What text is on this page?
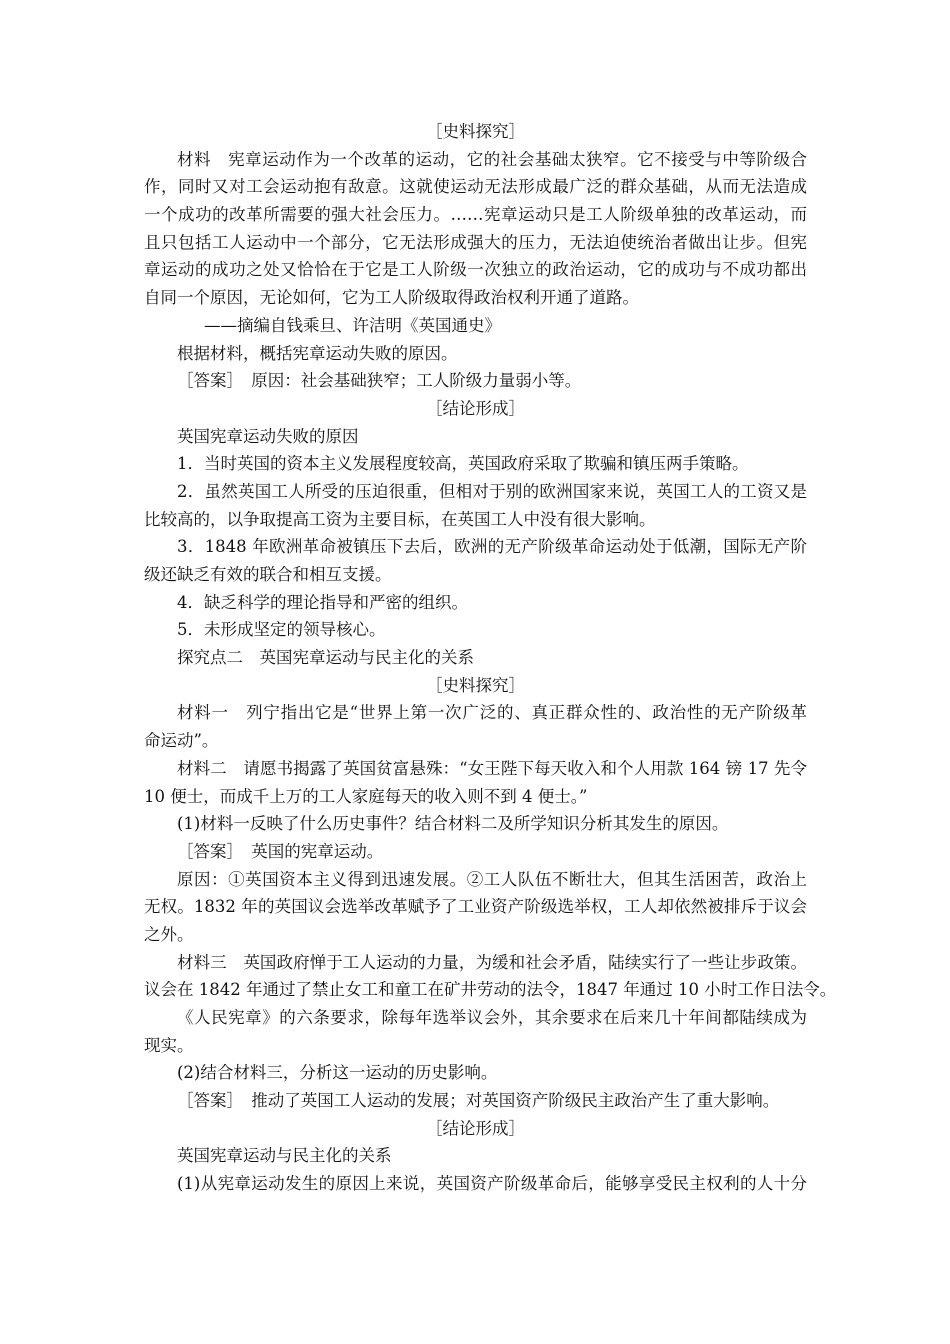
［史料探究］
材料　宪章运动作为一个改革的运动，它的社会基础太狭窄。它不接受与中等阶级合
作，同时又对工会运动抱有敌意。这就使运动无法形成最广泛的群众基础，从而无法造成
一个成功的改革所需要的强大社会压力。……宪章运动只是工人阶级单独的改革运动，而
且只包括工人运动中一个部分，它无法形成强大的压力，无法迫使统治者做出让步。但宪
章运动的成功之处又恰恰在于它是工人阶级一次独立的政治运动，它的成功与不成功都出
自同一个原因，无论如何，它为工人阶级取得政治权利开通了道路。
——摘编自钱乘旦、许洁明《英国通史》
根据材料，概括宪章运动失败的原因。
［答案］　原因：社会基础狭窄；工人阶级力量弱小等。
［结论形成］
英国宪章运动失败的原因
1．当时英国的资本主义发展程度较高，英国政府采取了欺骗和镇压两手策略。
2．虽然英国工人所受的压迫很重，但相对于别的欧洲国家来说，英国工人的工资又是
比较高的，以争取提高工资为主要目标，在英国工人中没有很大影响。
3．1848 年欧洲革命被镇压下去后，欧洲的无产阶级革命运动处于低潮，国际无产阶
级还缺乏有效的联合和相互支援。
4．缺乏科学的理论指导和严密的组织。
5．未形成坚定的领导核心。
探究点二　英国宪章运动与民主化的关系
［史料探究］
材料一　列宁指出它是“世界上第一次广泛的、真正群众性的、政治性的无产阶级革
命运动”。
材料二　请愿书揭露了英国贫富悬殊：“女王陛下每天收入和个人用款 164 镑 17 先令
10 便士，而成千上万的工人家庭每天的收入则不到 4 便士。”
(1)材料一反映了什么历史事件？结合材料二及所学知识分析其发生的原因。
［答案］　英国的宪章运动。
原因：①英国资本主义得到迅速发展。②工人队伍不断壮大，但其生活困苦，政治上
无权。1832 年的英国议会选举改革赋予了工业资产阶级选举权，工人却依然被排斥于议会
之外。
材料三　英国政府惮于工人运动的力量，为缓和社会矛盾，陆续实行了一些让步政策。
议会在 1842 年通过了禁止女工和童工在矿井劳动的法令，1847 年通过 10 小时工作日法令。
《人民宪章》的六条要求，除每年选举议会外，其余要求在后来几十年间都陆续成为
现实。
(2)结合材料三，分析这一运动的历史影响。
［答案］　推动了英国工人运动的发展；对英国资产阶级民主政治产生了重大影响。
［结论形成］
英国宪章运动与民主化的关系
(1)从宪章运动发生的原因上来说，英国资产阶级革命后，能够享受民主权利的人十分
